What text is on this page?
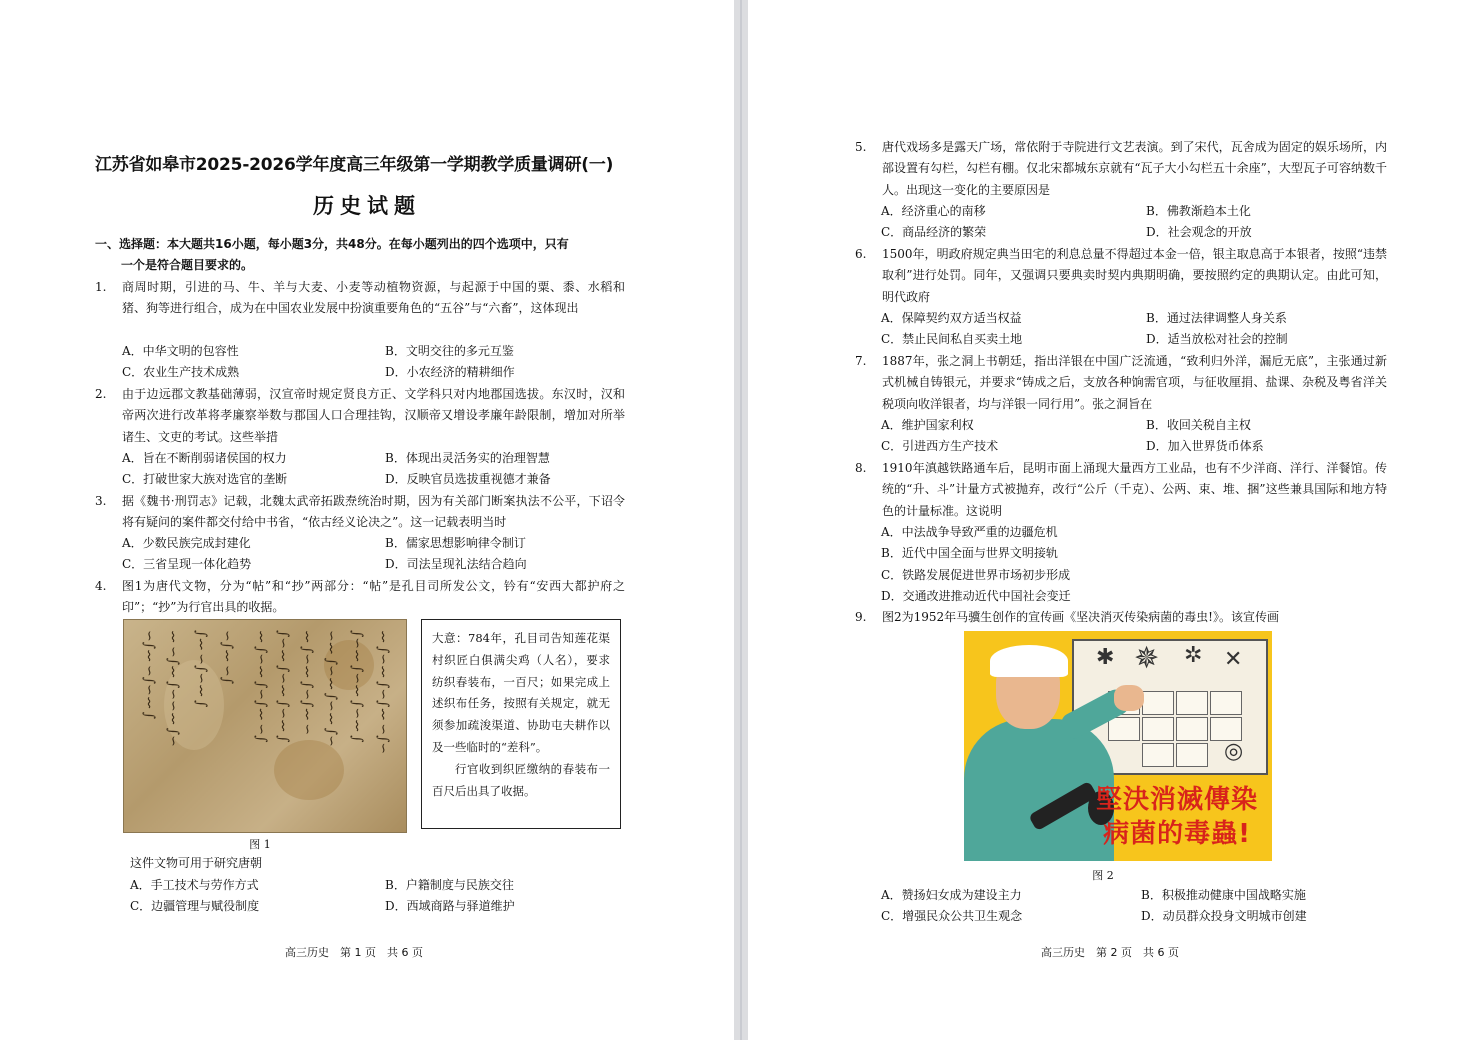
江苏省如皋市2025-2026学年度高三年级第一学期教学质量调研(一)
历史试题
一、选择题：本大题共16小题，每小题3分，共48分。在每小题列出的四个选项中，只有
一个是符合题目要求的。
1. 商周时期，引进的马、牛、羊与大麦、小麦等动植物资源，与起源于中国的粟、黍、水稻和猪、狗等进行组合，成为在中国农业发展中扮演重要角色的“五谷”与“六畜”，这体现出
A．中华文明的包容性	B．文明交往的多元互鉴
C．农业生产技术成熟	D．小农经济的精耕细作
2. 由于边远郡文教基础薄弱，汉宣帝时规定贤良方正、文学科只对内地郡国选拔。东汉时，汉和帝两次进行改革将孝廉察举数与郡国人口合理挂钩，汉顺帝又增设孝廉年龄限制，增加对所举诸生、文吏的考试。这些举措
A．旨在不断削弱诸侯国的权力	B．体现出灵活务实的治理智慧
C．打破世家大族对选官的垄断	D．反映官员选拔重视德才兼备
3. 据《魏书·刑罚志》记载，北魏太武帝拓跋焘统治时期，因为有关部门断案执法不公平，下诏令将有疑问的案件都交付给中书省，“依古经义论决之”。这一记载表明当时
A．少数民族完成封建化	B．儒家思想影响律令制订
C．三省呈现一体化趋势	D．司法呈现礼法结合趋向
4. 图1为唐代文物，分为“帖”和“抄”两部分：“帖”是孔目司所发公文，钤有“安西大都护府之印”；“抄”为行官出具的收据。
∽∫⌇∽∫∽⌇∫ ⌇∽∫⌇∫∽∽⌇∫∽ ∫⌇∽∫∽⌇∫ ∽∫⌇∽∫ ⌇∫∽⌇∫∽∫⌇∽∫ ∫∽⌇∫∽⌇∫∽⌇∫ ⌇∫∽⌇∫∽∫⌇∽ ∽⌇∫∽⌇∫∽⌇∫∽ ∫∽⌇∫∽⌇∫∽⌇∫ ⌇∫∽⌇∫∽∫⌇∽∫∽	大意：784年，孔目司告知莲花渠村织匠白俱满尖鸡（人名），要求纺织春装布，一百尺；如果完成上述织布任务，按照有关规定，就无须参加疏浚渠道、协助屯夫耕作以及一些临时的“差科”。

行官收到织匠缴纳的春装布一百尺后出具了收据。

图 1
这件文物可用于研究唐朝
A．手工技术与劳作方式	B．户籍制度与民族交往
C．边疆管理与赋役制度	D．西域商路与驿道维护
高三历史　第 1 页　共 6 页
5. 唐代戏场多是露天广场，常依附于寺院进行文艺表演。到了宋代，瓦舍成为固定的娱乐场所，内部设置有勾栏，勾栏有棚。仅北宋都城东京就有“瓦子大小勾栏五十余座”，大型瓦子可容纳数千人。出现这一变化的主要原因是
A．经济重心的南移	B．佛教渐趋本土化
C．商品经济的繁荣	D．社会观念的开放
6. 1500年，明政府规定典当田宅的利息总量不得超过本金一倍，银主取息高于本银者，按照“违禁取利”进行处罚。同年，又强调只要典卖时契内典期明确，要按照约定的典期认定。由此可知，明代政府
A．保障契约双方适当权益	B．通过法律调整人身关系
C．禁止民间私自买卖土地	D．适当放松对社会的控制
7. 1887年，张之洞上书朝廷，指出洋银在中国广泛流通，“致利归外洋，漏卮无底”，主张通过新式机械自铸银元，并要求“铸成之后，支放各种饷需官项，与征收厘捐、盐课、杂税及粤省洋关税项向收洋银者，均与洋银一同行用”。张之洞旨在
A．维护国家利权	B．收回关税自主权
C．引进西方生产技术	D．加入世界货币体系
8. 1910年滇越铁路通车后，昆明市面上涌现大量西方工业品，也有不少洋商、洋行、洋餐馆。传统的“升、斗”计量方式被抛弃，改行“公斤（千克）、公两、束、堆、捆”这些兼具国际和地方特色的计量标准。这说明
A．中法战争导致严重的边疆危机
B．近代中国全面与世界文明接轨
C．铁路发展促进世界市场初步形成
D．交通改进推动近代中国社会变迁
9. 图2为1952年马骥生创作的宣传画《坚决消灭传染病菌的毒虫!》。该宣传画
✱ ✵ ✲ ✕
◎
堅決消滅傳染
病菌的毒蟲!
图 2
A．赞扬妇女成为建设主力	B．积极推动健康中国战略实施
C．增强民众公共卫生观念	D．动员群众投身文明城市创建
高三历史　第 2 页　共 6 页
